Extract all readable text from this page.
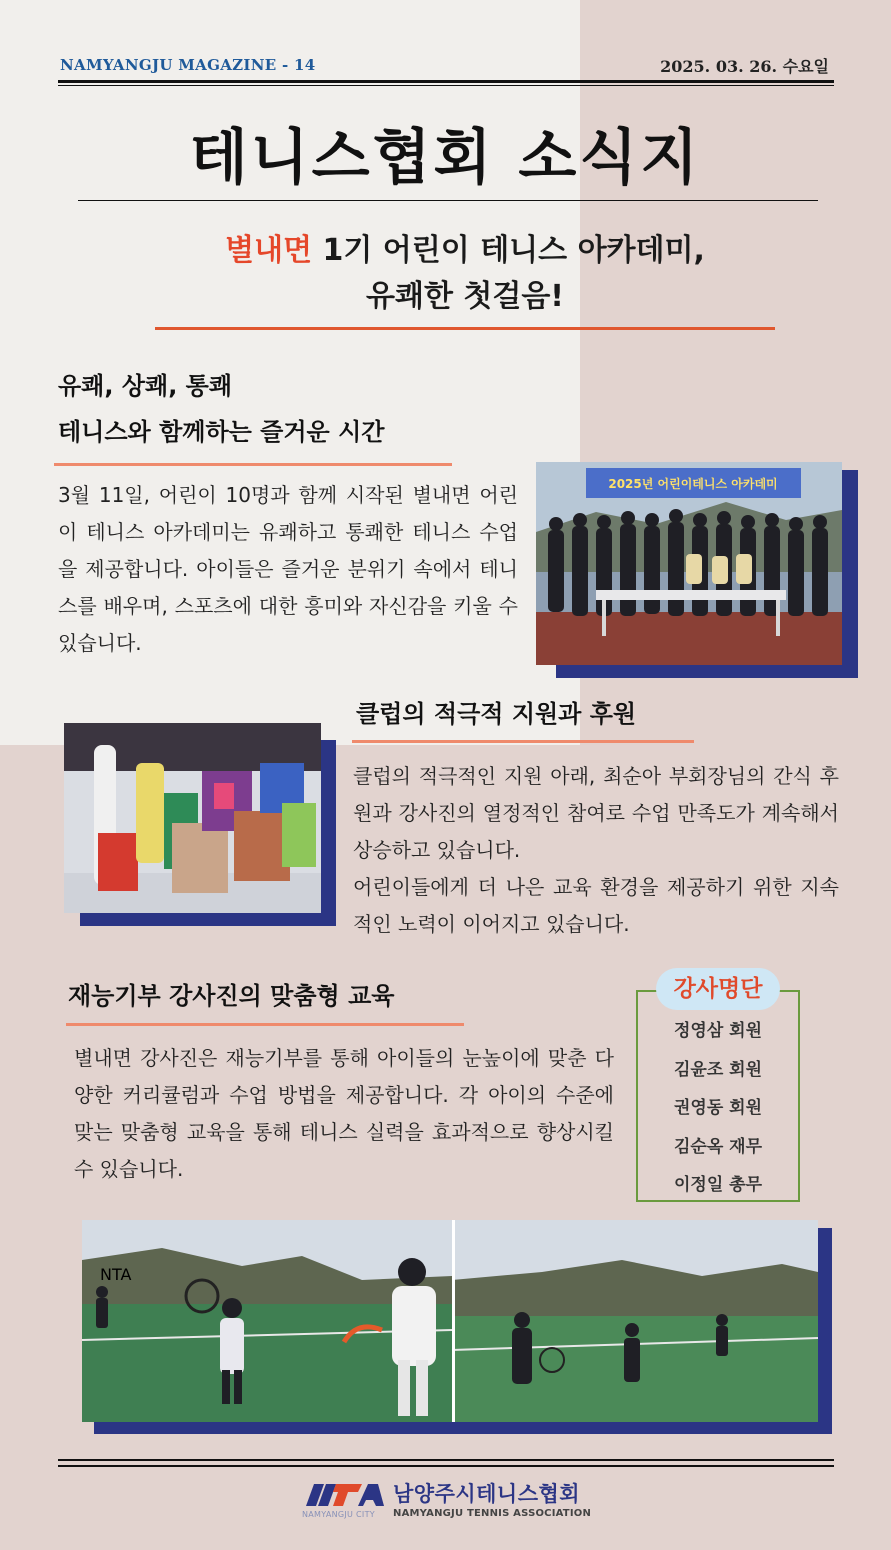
NAMYANGJU MAGAZINE - 14	2025. 03. 26. 수요일
테니스협회 소식지
별내면 1기 어린이 테니스 아카데미,
유쾌한 첫걸음!
유쾌, 상쾌, 통쾌
테니스와 함께하는 즐거운 시간
3월 11일, 어린이 10명과 함께 시작된 별내면 어린이 테니스 아카데미는 유쾌하고 통쾌한 테니스 수업을 제공합니다. 아이들은 즐거운 분위기 속에서 테니스를 배우며, 스포츠에 대한 흥미와 자신감을 키울 수 있습니다.
2025년 어린이테니스 아카데미
클럽의 적극적 지원과 후원
클럽의 적극적인 지원 아래, 최순아 부회장님의 간식 후원과 강사진의 열정적인 참여로 수업 만족도가 계속해서 상승하고 있습니다.
어린이들에게 더 나은 교육 환경을 제공하기 위한 지속적인 노력이 이어지고 있습니다.
재능기부 강사진의 맞춤형 교육
별내면 강사진은 재능기부를 통해 아이들의 눈높이에 맞춘 다양한 커리큘럼과 수업 방법을 제공합니다. 각 아이의 수준에 맞는 맞춤형 교육을 통해 테니스 실력을 효과적으로 향상시킬 수 있습니다.
강사명단
정영삼 회원
김윤조 회원
권영동 회원
김순옥 재무
이정일 총무
NTA
NAMYANGJU CITY
남양주시테니스협회
NAMYANGJU TENNIS ASSOCIATION
